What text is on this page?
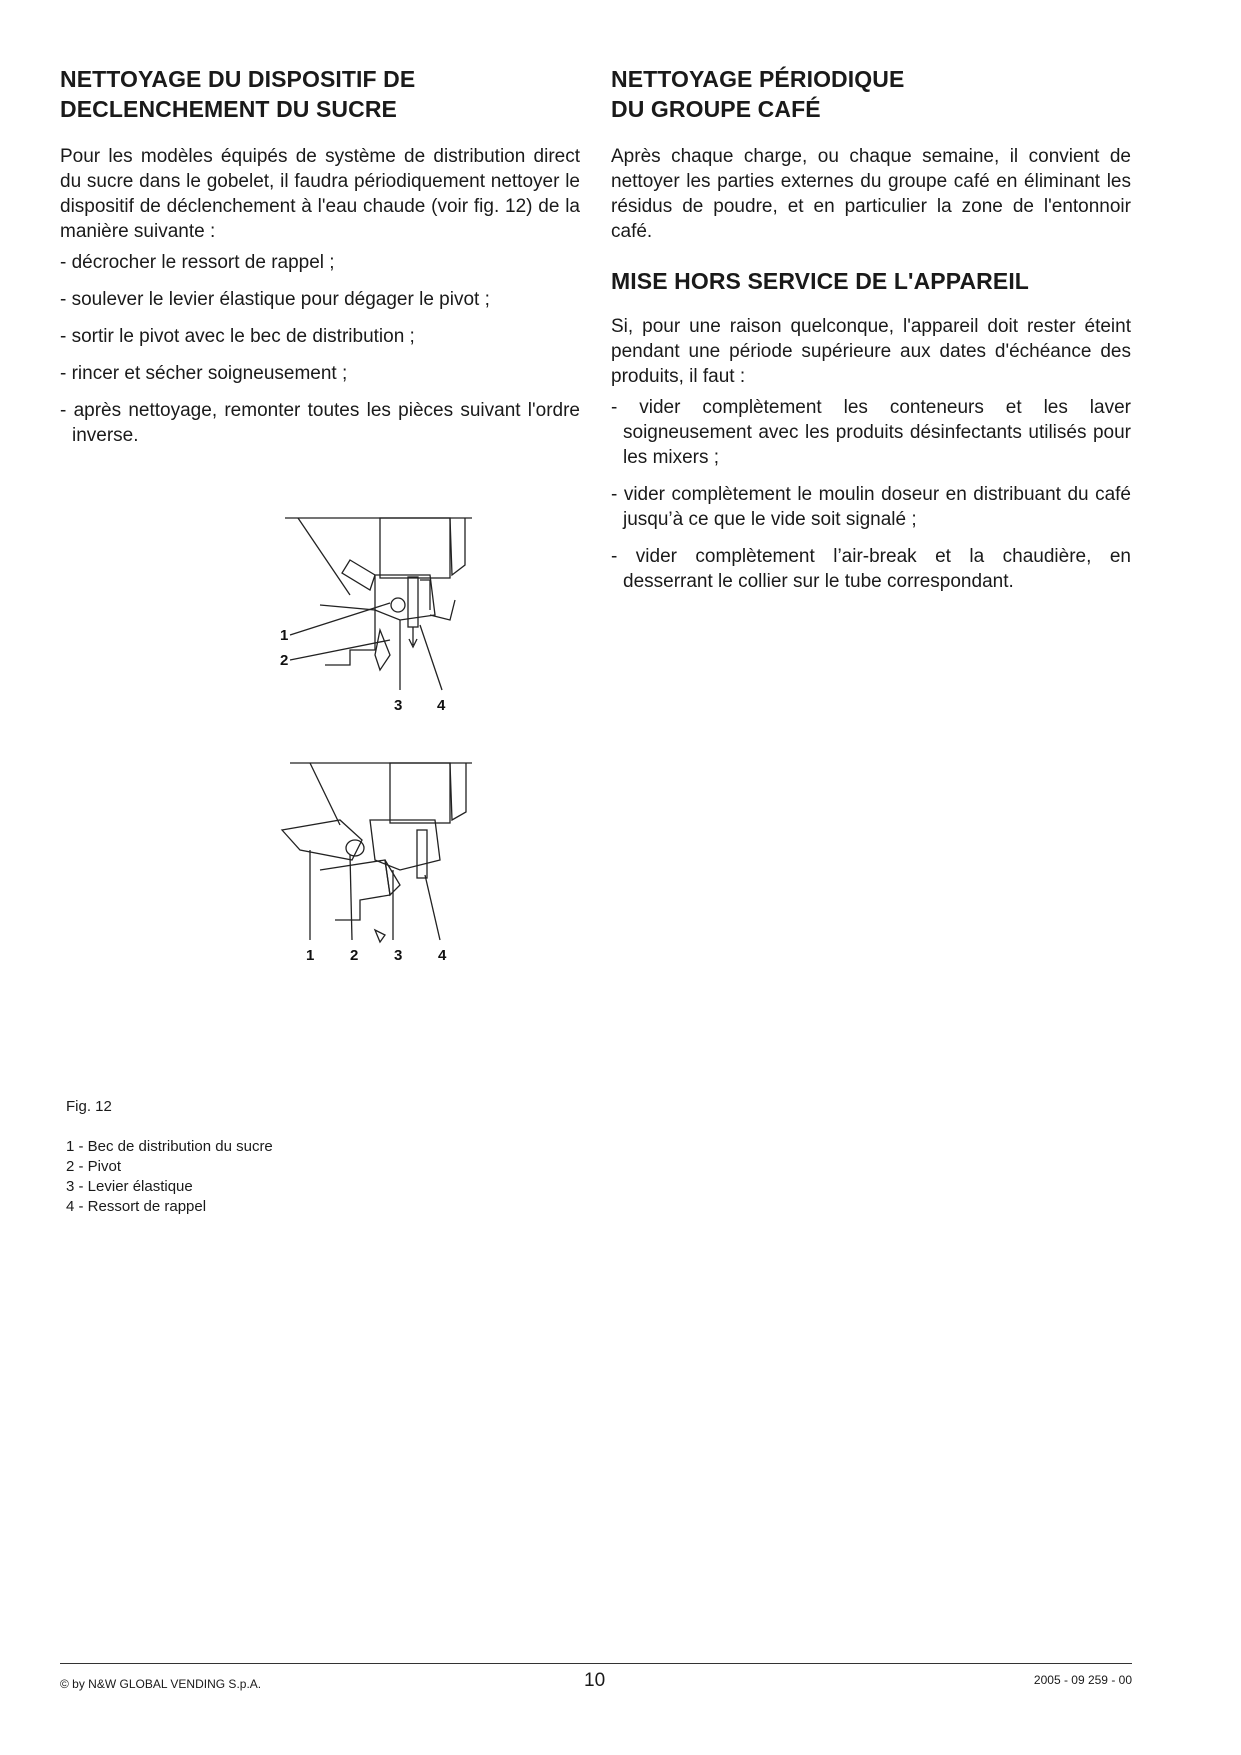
NETTOYAGE DU DISPOSITIF DE
DECLENCHEMENT DU SUCRE

Pour les modèles équipés de système de distribution direct du sucre dans le gobelet, il faudra périodiquement nettoyer le dispositif de déclenchement à l'eau chaude (voir fig. 12) de la manière suivante :

- décrocher le ressort de rappel ;
- soulever le levier élastique pour dégager le pivot ;
- sortir le pivot avec le bec de distribution ;
- rincer et sécher soigneusement ;
- après nettoyage, remonter toutes les pièces suivant l'ordre inverse.
NETTOYAGE PÉRIODIQUE
DU GROUPE CAFÉ

Après chaque charge, ou chaque semaine, il convient de nettoyer les parties externes du groupe café en éliminant les résidus de poudre, et en particulier la zone de l'entonnoir café.

MISE HORS SERVICE DE L'APPAREIL

Si, pour une raison quelconque, l'appareil doit rester éteint pendant une période supérieure aux dates d'échéance des produits, il faut :

- vider complètement les conteneurs et les laver soigneusement avec les produits désinfectants utilisés pour les mixers ;
- vider complètement le moulin doseur en distribuant du café jusqu’à ce que le vide soit signalé ;
- vider complètement l’air-break et la chaudière, en desserrant le collier sur le tube correspondant.
1
2
3 4
1 2 3 4
Fig. 12
1 - Bec de distribution du sucre
2 - Pivot
3 - Levier élastique
4 - Ressort de rappel
© by N&W GLOBAL VENDING S.p.A.	10	2005 - 09 259 - 00
